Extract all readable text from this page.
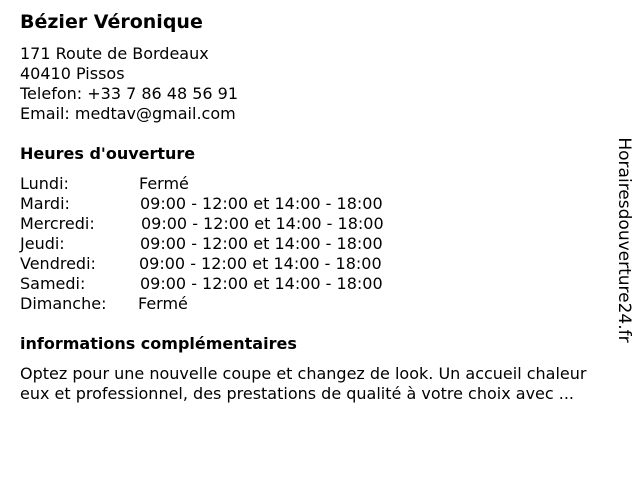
Bézier Véronique
171 Route de Bordeaux
40410 Pissos
Telefon: +33 7 86 48 56 91
Email: medtav@gmail.com
Heures d'ouverture
Lundi:	Fermé
Mardi:	09:00 - 12:00 et 14:00 - 18:00
Mercredi:	09:00 - 12:00 et 14:00 - 18:00
Jeudi:	09:00 - 12:00 et 14:00 - 18:00
Vendredi:	09:00 - 12:00 et 14:00 - 18:00
Samedi:	09:00 - 12:00 et 14:00 - 18:00
Dimanche: Fermé
informations complémentaires
Optez pour une nouvelle coupe et changez de look. Un accueil chaleur
eux et professionnel, des prestations de qualité à votre choix avec ...
Horairesdouverture24.fr
